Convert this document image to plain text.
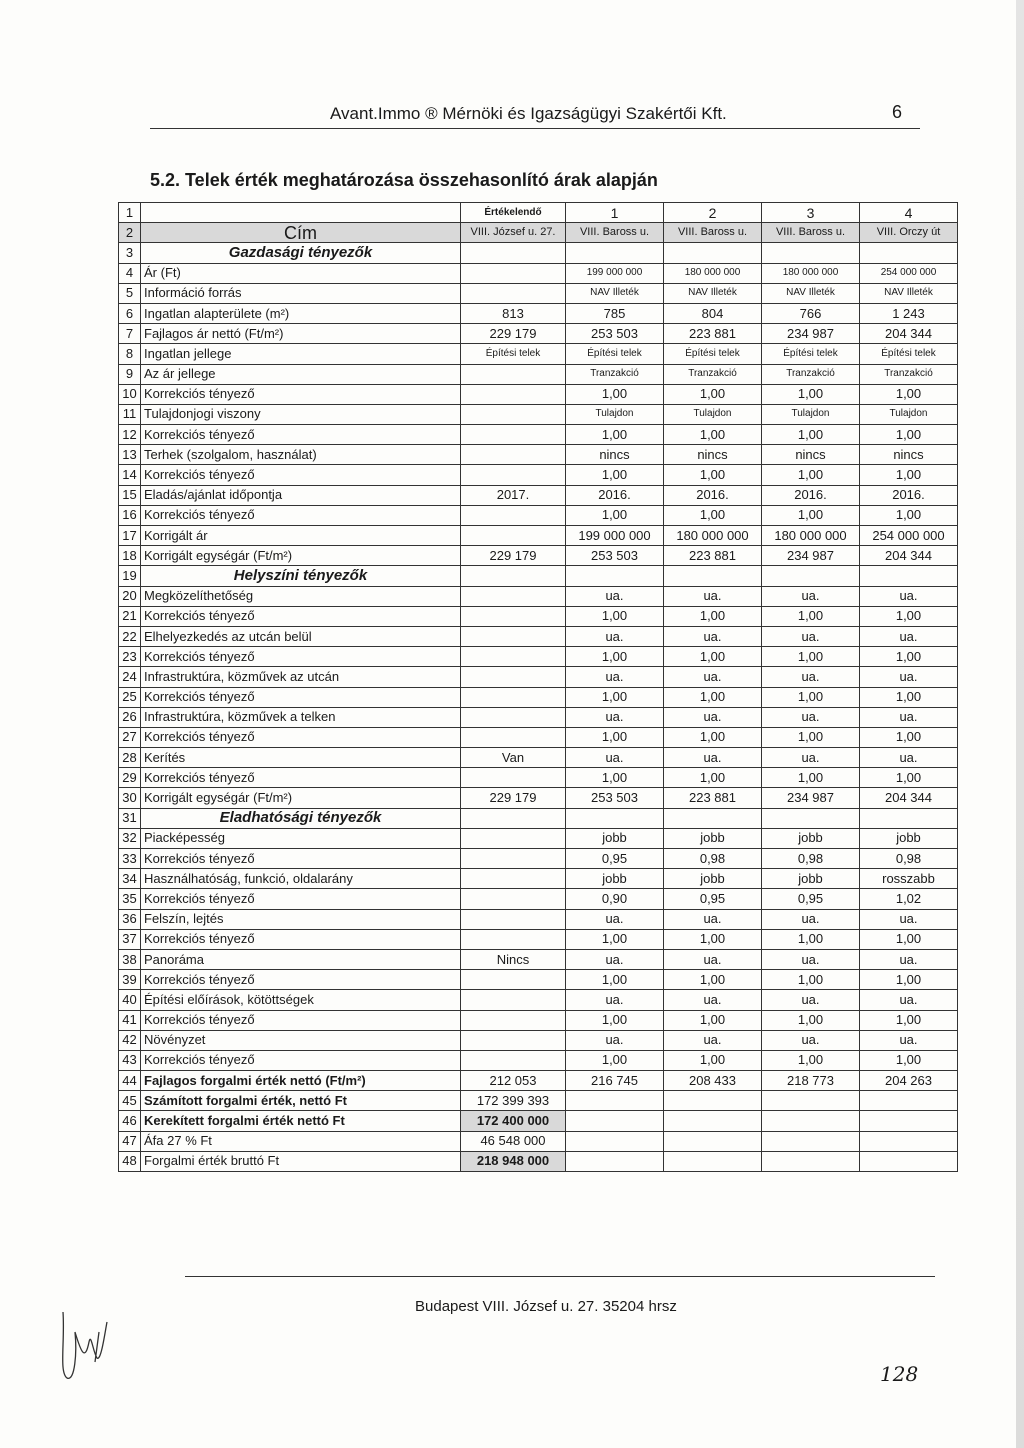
Avant.Immo ® Mérnöki és Igazságügyi Szakértői Kft.	6
5.2. Telek érték meghatározása összehasonlító árak alapján
1		Értékelendő	1	2	3	4
2	Cím	VIII. József u. 27.	VIII. Baross u.	VIII. Baross u.	VIII. Baross u.	VIII. Orczy út
3	Gazdasági tényezők					
4	Ár (Ft)		199 000 000	180 000 000	180 000 000	254 000 000
5	Információ forrás		NAV Illeték	NAV Illeték	NAV Illeték	NAV Illeték
6	Ingatlan alapterülete (m²)	813	785	804	766	1 243
7	Fajlagos ár nettó (Ft/m²)	229 179	253 503	223 881	234 987	204 344
8	Ingatlan jellege	Építési telek	Építési telek	Építési telek	Építési telek	Építési telek
9	Az ár jellege		Tranzakció	Tranzakció	Tranzakció	Tranzakció
10	Korrekciós tényező		1,00	1,00	1,00	1,00
11	Tulajdonjogi viszony		Tulajdon	Tulajdon	Tulajdon	Tulajdon
12	Korrekciós tényező		1,00	1,00	1,00	1,00
13	Terhek (szolgalom, használat)		nincs	nincs	nincs	nincs
14	Korrekciós tényező		1,00	1,00	1,00	1,00
15	Eladás/ajánlat időpontja	2017.	2016.	2016.	2016.	2016.
16	Korrekciós tényező		1,00	1,00	1,00	1,00
17	Korrigált ár		199 000 000	180 000 000	180 000 000	254 000 000
18	Korrigált egységár (Ft/m²)	229 179	253 503	223 881	234 987	204 344
19	Helyszíni tényezők					
20	Megközelíthetőség		ua.	ua.	ua.	ua.
21	Korrekciós tényező		1,00	1,00	1,00	1,00
22	Elhelyezkedés az utcán belül		ua.	ua.	ua.	ua.
23	Korrekciós tényező		1,00	1,00	1,00	1,00
24	Infrastruktúra, közművek az utcán		ua.	ua.	ua.	ua.
25	Korrekciós tényező		1,00	1,00	1,00	1,00
26	Infrastruktúra, közművek a telken		ua.	ua.	ua.	ua.
27	Korrekciós tényező		1,00	1,00	1,00	1,00
28	Kerítés	Van	ua.	ua.	ua.	ua.
29	Korrekciós tényező		1,00	1,00	1,00	1,00
30	Korrigált egységár (Ft/m²)	229 179	253 503	223 881	234 987	204 344
31	Eladhatósági tényezők					
32	Piacképesség		jobb	jobb	jobb	jobb
33	Korrekciós tényező		0,95	0,98	0,98	0,98
34	Használhatóság, funkció, oldalarány		jobb	jobb	jobb	rosszabb
35	Korrekciós tényező		0,90	0,95	0,95	1,02
36	Felszín, lejtés		ua.	ua.	ua.	ua.
37	Korrekciós tényező		1,00	1,00	1,00	1,00
38	Panoráma	Nincs	ua.	ua.	ua.	ua.
39	Korrekciós tényező		1,00	1,00	1,00	1,00
40	Építési előírások, kötöttségek		ua.	ua.	ua.	ua.
41	Korrekciós tényező		1,00	1,00	1,00	1,00
42	Növényzet		ua.	ua.	ua.	ua.
43	Korrekciós tényező		1,00	1,00	1,00	1,00
44	Fajlagos forgalmi érték nettó (Ft/m²)	212 053	216 745	208 433	218 773	204 263
45	Számított forgalmi érték, nettó Ft	172 399 393				
46	Kerekített forgalmi érték nettó Ft	172 400 000				
47	Áfa 27 % Ft	46 548 000				
48	Forgalmi érték bruttó Ft	218 948 000				
Budapest VIII. József u. 27. 35204 hrsz
128
